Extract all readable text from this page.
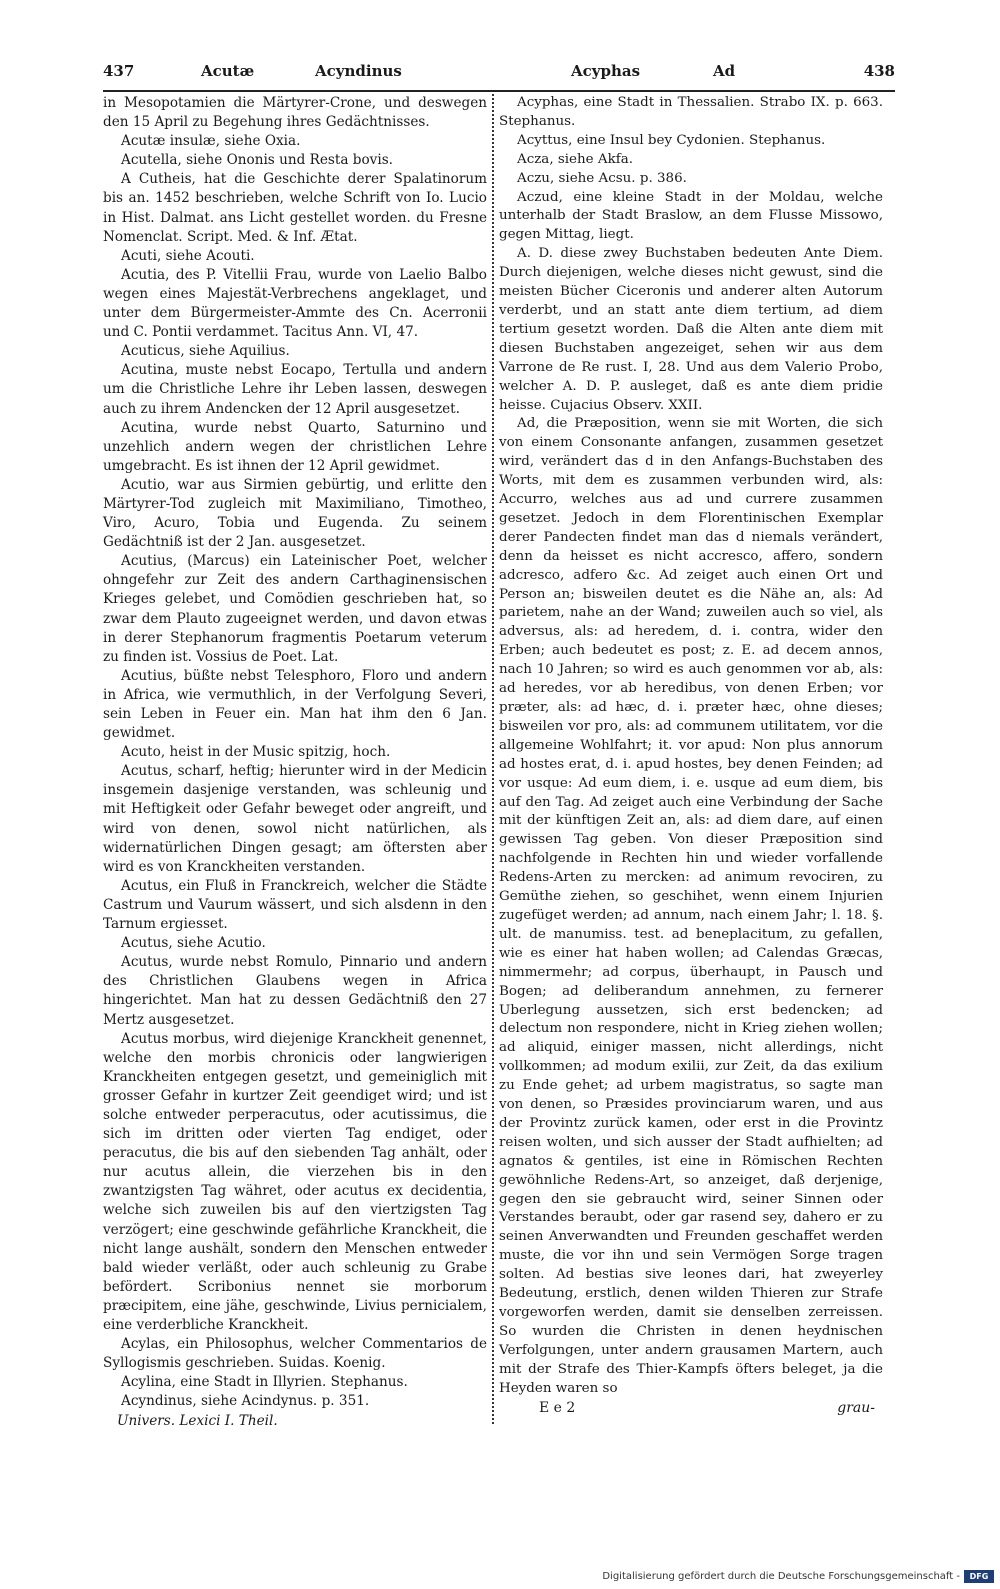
437	Acutæ	Acyndinus	Acyphas	Ad	438

in Mesopotamien die Märtyrer-Crone, und deswegen den 15 April zu Begehung ihres Gedächtnisses.

Acutæ insulæ, siehe Oxia.

Acutella, siehe Ononis und Resta bovis.

A Cutheis, hat die Geschichte derer Spalatinorum bis an. 1452 beschrieben, welche Schrift von Io. Lucio in Hist. Dalmat. ans Licht gestellet worden. du Fresne Nomenclat. Script. Med. & Inf. Ætat.

Acuti, siehe Acouti.

Acutia, des P. Vitellii Frau, wurde von Laelio Balbo wegen eines Majestät-Verbrechens angeklaget, und unter dem Bürgermeister-Ammte des Cn. Acerronii und C. Pontii verdammet. Tacitus Ann. VI, 47.

Acuticus, siehe Aquilius.

Acutina, muste nebst Eocapo, Tertulla und andern um die Christliche Lehre ihr Leben lassen, deswegen auch zu ihrem Andencken der 12 April ausgesetzet.

Acutina, wurde nebst Quarto, Saturnino und unzehlich andern wegen der christlichen Lehre umgebracht. Es ist ihnen der 12 April gewidmet.

Acutio, war aus Sirmien gebürtig, und erlitte den Märtyrer-Tod zugleich mit Maximiliano, Timotheo, Viro, Acuro, Tobia und Eugenda. Zu seinem Gedächtniß ist der 2 Jan. ausgesetzet.

Acutius, (Marcus) ein Lateinischer Poet, welcher ohngefehr zur Zeit des andern Carthaginensischen Krieges gelebet, und Comödien geschrieben hat, so zwar dem Plauto zugeeignet werden, und davon etwas in derer Stephanorum fragmentis Poetarum veterum zu finden ist. Vossius de Poet. Lat.

Acutius, büßte nebst Telesphoro, Floro und andern in Africa, wie vermuthlich, in der Verfolgung Severi, sein Leben in Feuer ein. Man hat ihm den 6 Jan. gewidmet.

Acuto, heist in der Music spitzig, hoch.

Acutus, scharf, heftig; hierunter wird in der Medicin insgemein dasjenige verstanden, was schleunig und mit Heftigkeit oder Gefahr beweget oder angreift, und wird von denen, sowol nicht natürlichen, als widernatürlichen Dingen gesagt; am öftersten aber wird es von Kranckheiten verstanden.

Acutus, ein Fluß in Franckreich, welcher die Städte Castrum und Vaurum wässert, und sich alsdenn in den Tarnum ergiesset.

Acutus, siehe Acutio.

Acutus, wurde nebst Romulo, Pinnario und andern des Christlichen Glaubens wegen in Africa hingerichtet. Man hat zu dessen Gedächtniß den 27 Mertz ausgesetzet.

Acutus morbus, wird diejenige Kranckheit genennet, welche den morbis chronicis oder langwierigen Kranckheiten entgegen gesetzt, und gemeiniglich mit grosser Gefahr in kurtzer Zeit geendiget wird; und ist solche entweder perperacutus, oder acutissimus, die sich im dritten oder vierten Tag endiget, oder peracutus, die bis auf den siebenden Tag anhält, oder nur acutus allein, die vierzehen bis in den zwantzigsten Tag währet, oder acutus ex decidentia, welche sich zuweilen bis auf den viertzigsten Tag verzögert; eine geschwinde gefährliche Kranckheit, die nicht lange aushält, sondern den Menschen entweder bald wieder verläßt, oder auch schleunig zu Grabe befördert. Scribonius nennet sie morborum præcipitem, eine jähe, geschwinde, Livius pernicialem, eine verderbliche Kranckheit.

Acylas, ein Philosophus, welcher Commentarios de Syllogismis geschrieben. Suidas. Koenig.

Acylina, eine Stadt in Illyrien. Stephanus.

Acyndinus, siehe Acindynus. p. 351.

Univers. Lexici I. Theil.

Acyphas, eine Stadt in Thessalien. Strabo IX. p. 663. Stephanus.

Acyttus, eine Insul bey Cydonien. Stephanus.

Acza, siehe Akfa.

Aczu, siehe Acsu. p. 386.

Aczud, eine kleine Stadt in der Moldau, welche unterhalb der Stadt Braslow, an dem Flusse Missowo, gegen Mittag, liegt.

A. D. diese zwey Buchstaben bedeuten Ante Diem. Durch diejenigen, welche dieses nicht gewust, sind die meisten Bücher Ciceronis und anderer alten Autorum verderbt, und an statt ante diem tertium, ad diem tertium gesetzt worden. Daß die Alten ante diem mit diesen Buchstaben angezeiget, sehen wir aus dem Varrone de Re rust. I, 28. Und aus dem Valerio Probo, welcher A. D. P. ausleget, daß es ante diem pridie heisse. Cujacius Observ. XXII.

Ad, die Præposition, wenn sie mit Worten, die sich von einem Consonante anfangen, zusammen gesetzet wird, verändert das d in den Anfangs-Buchstaben des Worts, mit dem es zusammen verbunden wird, als: Accurro, welches aus ad und currere zusammen gesetzet. Jedoch in dem Florentinischen Exemplar derer Pandecten findet man das d niemals verändert, denn da heisset es nicht accresco, affero, sondern adcresco, adfero &c. Ad zeiget auch einen Ort und Person an; bisweilen deutet es die Nähe an, als: Ad parietem, nahe an der Wand; zuweilen auch so viel, als adversus, als: ad heredem, d. i. contra, wider den Erben; auch bedeutet es post; z. E. ad decem annos, nach 10 Jahren; so wird es auch genommen vor ab, als: ad heredes, vor ab heredibus, von denen Erben; vor præter, als: ad hæc, d. i. præter hæc, ohne dieses; bisweilen vor pro, als: ad communem utilitatem, vor die allgemeine Wohlfahrt; it. vor apud: Non plus annorum ad hostes erat, d. i. apud hostes, bey denen Feinden; ad vor usque: Ad eum diem, i. e. usque ad eum diem, bis auf den Tag. Ad zeiget auch eine Verbindung der Sache mit der künftigen Zeit an, als: ad diem dare, auf einen gewissen Tag geben. Von dieser Præposition sind nachfolgende in Rechten hin und wieder vorfallende Redens-Arten zu mercken: ad animum revociren, zu Gemüthe ziehen, so geschihet, wenn einem Injurien zugefüget werden; ad annum, nach einem Jahr; l. 18. §. ult. de manumiss. test. ad beneplacitum, zu gefallen, wie es einer hat haben wollen; ad Calendas Græcas, nimmermehr; ad corpus, überhaupt, in Pausch und Bogen; ad deliberandum annehmen, zu fernerer Uberlegung aussetzen, sich erst bedencken; ad delectum non respondere, nicht in Krieg ziehen wollen; ad aliquid, einiger massen, nicht allerdings, nicht vollkommen; ad modum exilii, zur Zeit, da das exilium zu Ende gehet; ad urbem magistratus, so sagte man von denen, so Præsides provinciarum waren, und aus der Provintz zurück kamen, oder erst in die Provintz reisen wolten, und sich ausser der Stadt aufhielten; ad agnatos & gentiles, ist eine in Römischen Rechten gewöhnliche Redens-Art, so anzeiget, daß derjenige, gegen den sie gebraucht wird, seiner Sinnen oder Verstandes beraubt, oder gar rasend sey, dahero er zu seinen Anverwandten und Freunden geschaffet werden muste, die vor ihn und sein Vermögen Sorge tragen solten. Ad bestias sive leones dari, hat zweyerley Bedeutung, erstlich, denen wilden Thieren zur Strafe vorgeworfen werden, damit sie denselben zerreissen. So wurden die Christen in denen heydnischen Verfolgungen, unter andern grausamen Martern, auch mit der Strafe des Thier-Kampfs öfters beleget, ja die Heyden waren so

E e 2	grau-
Digitalisierung gefördert durch die Deutsche Forschungsgemeinschaft -	DFG
